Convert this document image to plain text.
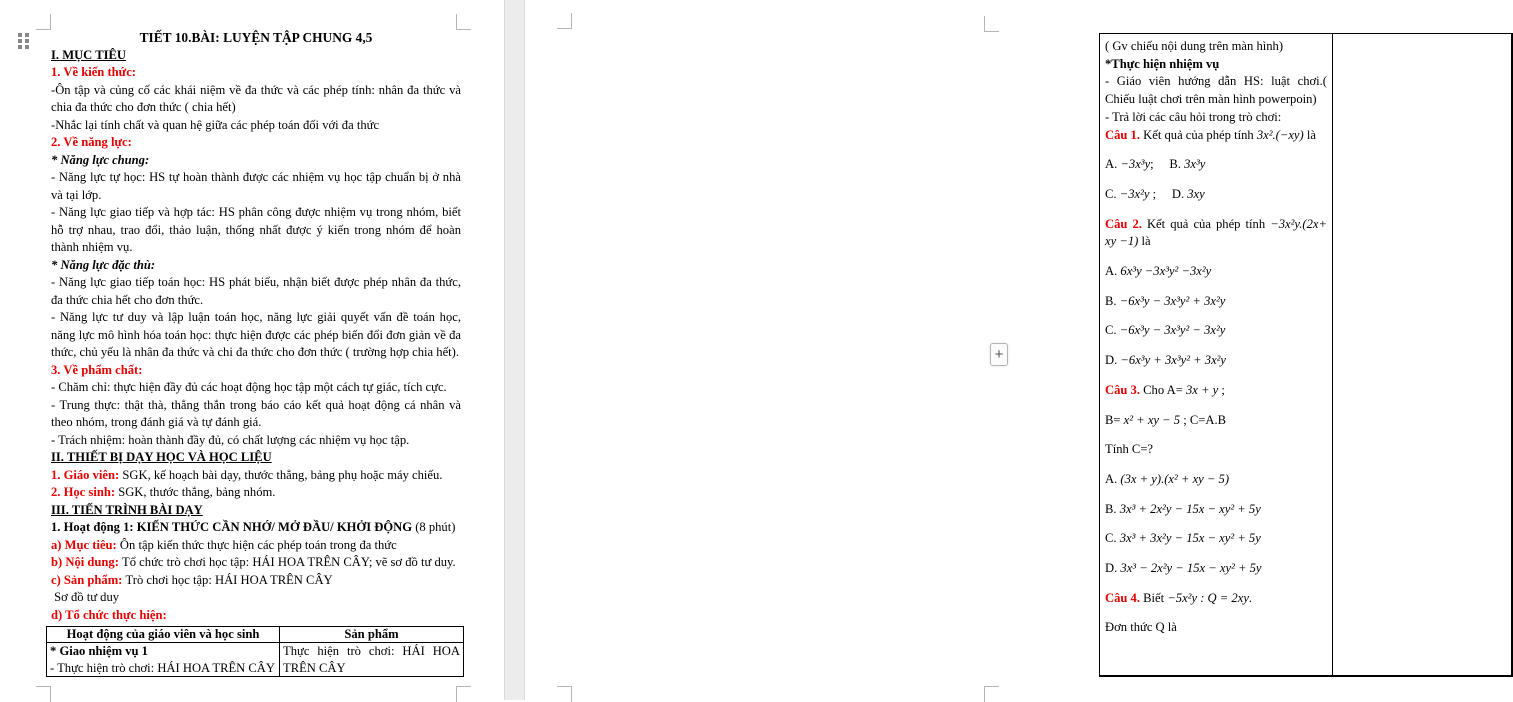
TIẾT 10.BÀI: LUYỆN TẬP CHUNG 4,5

I. MỤC TIÊU

1. Về kiến thức:

-Ôn tập và củng cố các khái niệm về đa thức và các phép tính: nhân đa thức và chia đa thức cho đơn thức ( chia hết)

-Nhắc lại tính chất và quan hệ giữa các phép toán đối với đa thức

2. Về năng lực:

* Năng lực chung:

- Năng lực tự học: HS tự hoàn thành được các nhiệm vụ học tập chuẩn bị ở nhà và tại lớp.

- Năng lực giao tiếp và hợp tác: HS phân công được nhiệm vụ trong nhóm, biết hỗ trợ nhau, trao đổi, thảo luận, thống nhất được ý kiến trong nhóm để hoàn thành nhiệm vụ.

* Năng lực đặc thù:

- Năng lực giao tiếp toán học: HS phát biểu, nhận biết được phép nhân đa thức, đa thức chia hết cho đơn thức.

- Năng lực tư duy và lập luận toán học, năng lực giải quyết vấn đề toán học, năng lực mô hình hóa toán học: thực hiện được các phép biến đổi đơn giản về đa thức, chủ yếu là nhân đa thức và chi đa thức cho đơn thức ( trường hợp chia hết).

3. Về phẩm chất:

- Chăm chỉ: thực hiện đầy đủ các hoạt động học tập một cách tự giác, tích cực.

- Trung thực: thật thà, thẳng thắn trong báo cáo kết quả hoạt động cá nhân và theo nhóm, trong đánh giá và tự đánh giá.

- Trách nhiệm: hoàn thành đầy đủ, có chất lượng các nhiệm vụ học tập.

II. THIẾT BỊ DẠY HỌC VÀ HỌC LIỆU

1. Giáo viên: SGK, kế hoạch bài dạy, thước thẳng, bảng phụ hoặc máy chiếu.

2. Học sinh: SGK, thước thẳng, bảng nhóm.

III. TIẾN TRÌNH BÀI DẠY

1. Hoạt động 1: KIẾN THỨC CẦN NHỚ/ MỞ ĐẦU/ KHỞI ĐỘNG (8 phút)

a) Mục tiêu: Ôn tập kiến thức thực hiện các phép toán trong đa thức

b) Nội dung: Tổ chức trò chơi học tập: HÁI HOA TRÊN CÂY; vẽ sơ đồ tư duy.

c) Sản phẩm: Trò chơi học tập: HÁI HOA TRÊN CÂY

Sơ đồ tư duy

d) Tổ chức thực hiện:

Hoạt động của giáo viên và học sinh	Sản phẩm

* Giao nhiệm vụ 1

- Thực hiện trò chơi: HÁI HOA TRÊN CÂY	Thực hiện trò chơi: HÁI HOA TRÊN CÂY

( Gv chiếu nội dung trên màn hình)

*Thực hiện nhiệm vụ

- Giáo viên hướng dẫn HS: luật chơi.( Chiếu luật chơi trên màn hình powerpoin)

- Trả lời các câu hỏi trong trò chơi:

Câu 1. Kết quả của phép tính 3x².(−xy) là

A. −3x³y;     B. 3x³y

C. −3x²y ;     D. 3xy

Câu 2. Kết quả của phép tính −3x²y.(2x+ xy −1) là

A. 6x³y −3x³y² −3x²y

B. −6x³y − 3x³y² + 3x²y

C. −6x³y − 3x³y² − 3x²y

D. −6x³y + 3x³y² + 3x²y

Câu 3. Cho A= 3x + y ;

B= x² + xy − 5 ; C=A.B

Tính C=?

A. (3x + y).(x² + xy − 5)

B. 3x³ + 2x²y − 15x − xy² + 5y

C. 3x³ + 3x²y − 15x − xy² + 5y

D. 3x³ − 2x²y − 15x − xy² + 5y

Câu 4. Biết −5x²y : Q = 2xy.

Đơn thức Q là

+
